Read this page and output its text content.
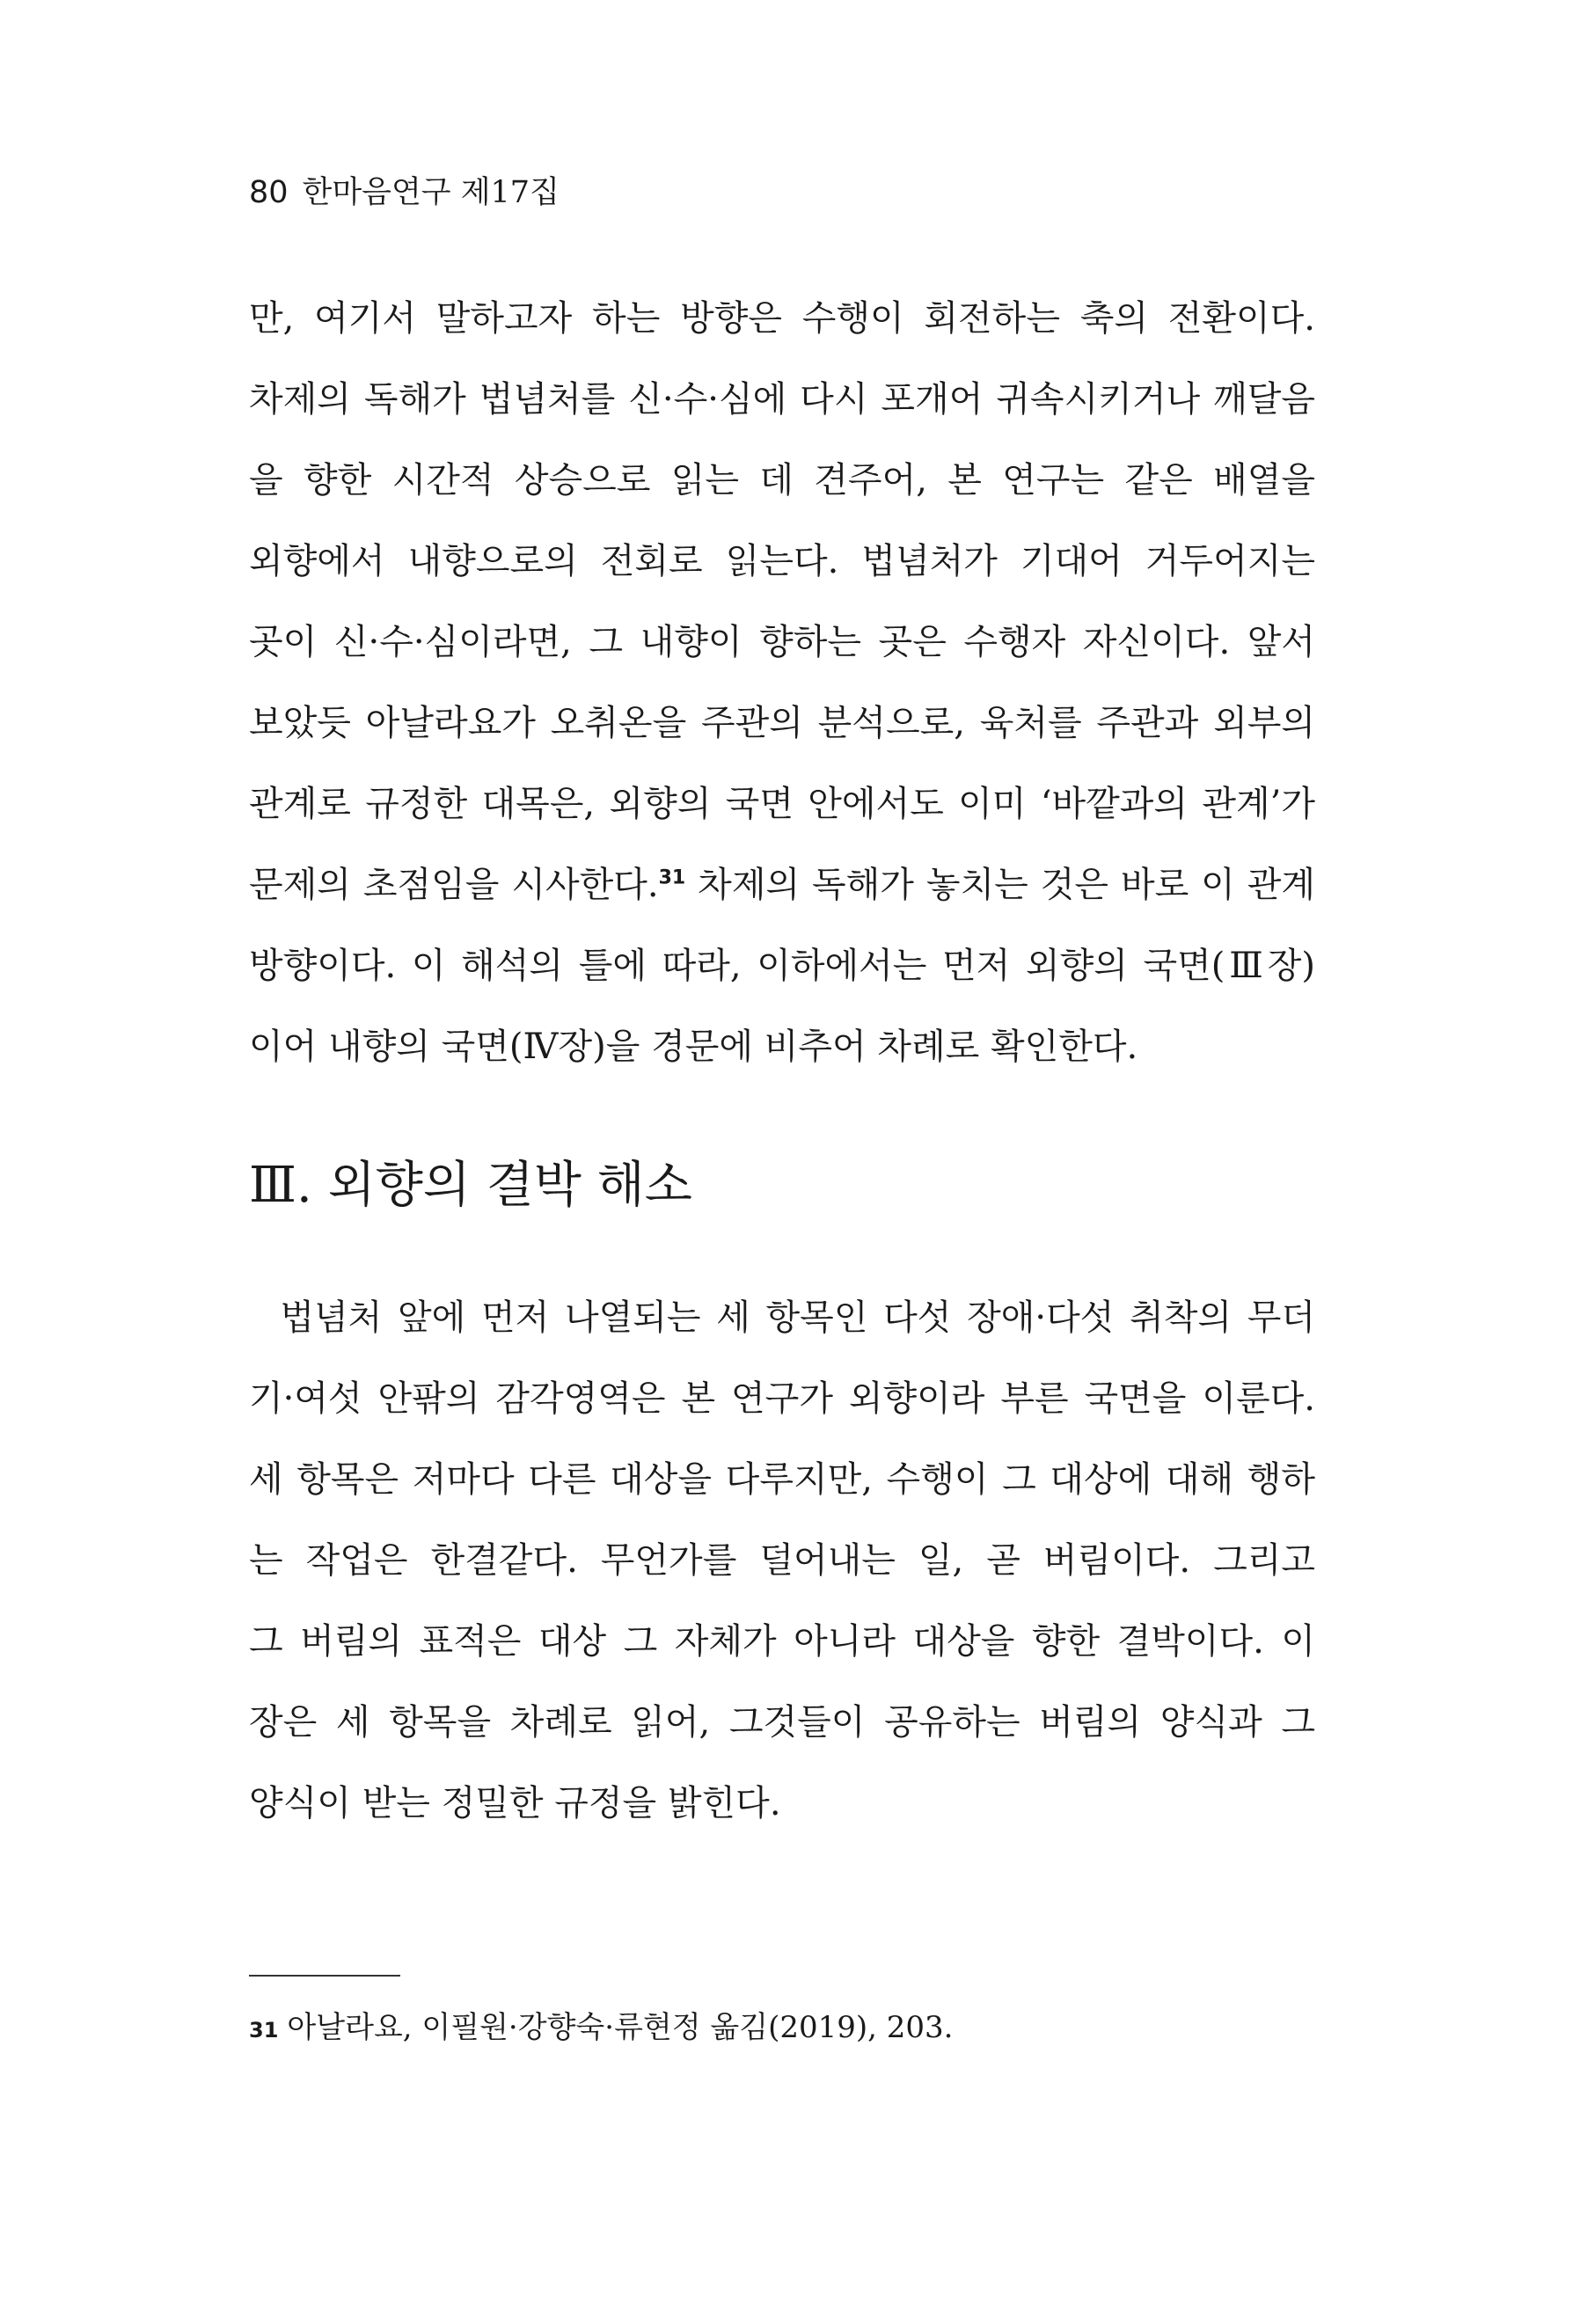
80 한마음연구 제17집
만, 여기서 말하고자 하는 방향은 수행이 회전하는 축의 전환이다.
차제의 독해가 법념처를 신·수·심에 다시 포개어 귀속시키거나 깨달음
을 향한 시간적 상승으로 읽는 데 견주어, 본 연구는 같은 배열을
외향에서 내향으로의 전회로 읽는다. 법념처가 기대어 거두어지는
곳이 신·수·심이라면, 그 내향이 향하는 곳은 수행자 자신이다. 앞서
보았듯 아날라요가 오취온을 주관의 분석으로, 육처를 주관과 외부의
관계로 규정한 대목은, 외향의 국면 안에서도 이미 ‘바깥과의 관계’가
문제의 초점임을 시사한다.$^{31}$ 차제의 독해가 놓치는 것은 바로 이 관계
방향이다. 이 해석의 틀에 따라, 이하에서는 먼저 외향의 국면(Ⅲ장)
이어 내향의 국면(Ⅳ장)을 경문에 비추어 차례로 확인한다.
Ⅲ. 외향의 결박 해소
법념처 앞에 먼저 나열되는 세 항목인 다섯 장애·다섯 취착의 무더
기·여섯 안팎의 감각영역은 본 연구가 외향이라 부른 국면을 이룬다.
세 항목은 저마다 다른 대상을 다루지만, 수행이 그 대상에 대해 행하
는 작업은 한결같다. 무언가를 덜어내는 일, 곧 버림이다. 그리고
그 버림의 표적은 대상 그 자체가 아니라 대상을 향한 결박이다. 이
장은 세 항목을 차례로 읽어, 그것들이 공유하는 버림의 양식과 그
양식이 받는 정밀한 규정을 밝힌다.
31 아날라요, 이필원·강향숙·류현정 옮김(2019), 203.
